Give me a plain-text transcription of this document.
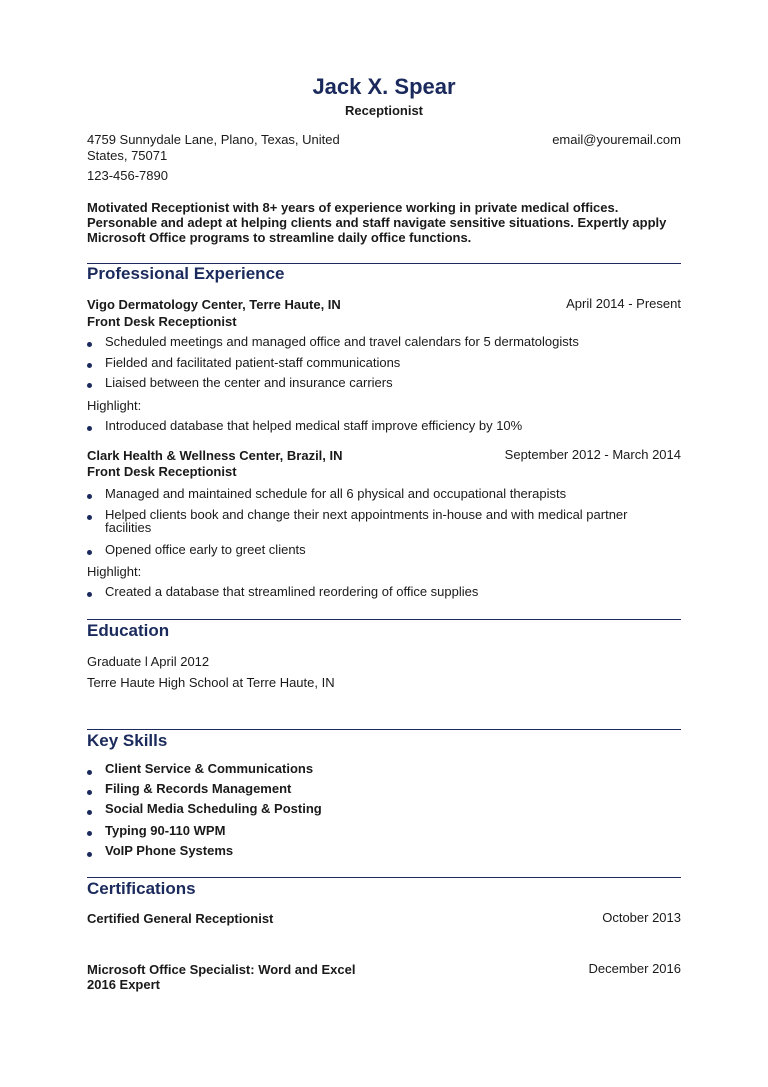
Jack X. Spear
Receptionist
4759 Sunnydale Lane, Plano, Texas, United
States, 75071
email@youremail.com
123-456-7890
Motivated Receptionist with 8+ years of experience working in private medical offices.
Personable and adept at helping clients and staff navigate sensitive situations. Expertly apply
Microsoft Office programs to streamline daily office functions.
Professional Experience
Vigo Dermatology Center, Terre Haute, IN	April 2014 - Present
Front Desk Receptionist
Scheduled meetings and managed office and travel calendars for 5 dermatologists
Fielded and facilitated patient-staff communications
Liaised between the center and insurance carriers
Highlight:
Introduced database that helped medical staff improve efficiency by 10%
Clark Health & Wellness Center, Brazil, IN	September 2012 - March 2014
Front Desk Receptionist
Managed and maintained schedule for all 6 physical and occupational therapists
Helped clients book and change their next appointments in-house and with medical partner
facilities
Opened office early to greet clients
Highlight:
Created a database that streamlined reordering of office supplies
Education
Graduate l April 2012
Terre Haute High School at Terre Haute, IN
Key Skills
Client Service & Communications
Filing & Records Management
Social Media Scheduling & Posting
Typing 90-110 WPM
VoIP Phone Systems
Certifications
Certified General Receptionist	October 2013
Microsoft Office Specialist: Word and Excel
2016 Expert
December 2016
